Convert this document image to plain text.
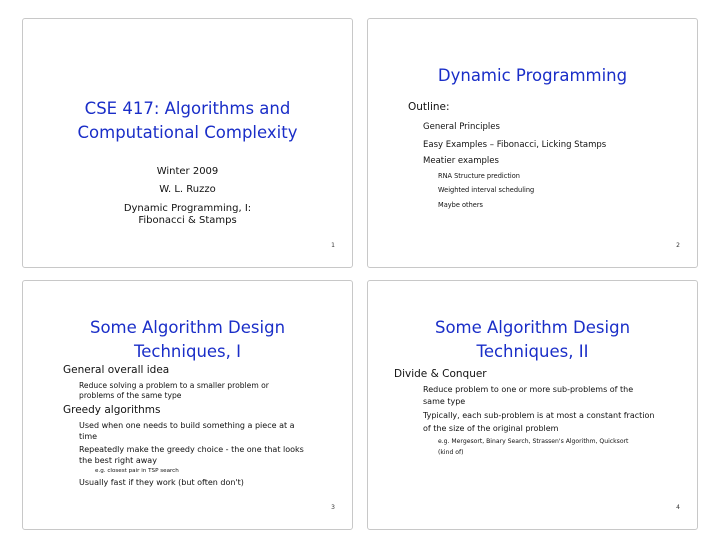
CSE 417: Algorithms and
Computational Complexity
Winter 2009
W. L. Ruzzo
Dynamic Programming, I:
Fibonacci & Stamps
1
Dynamic Programming
Outline:
General Principles
Easy Examples – Fibonacci, Licking Stamps
Meatier examples
RNA Structure prediction
Weighted interval scheduling
Maybe others
2
Some Algorithm Design
Techniques, I
General overall idea
Reduce solving a problem to a smaller problem or
problems of the same type
Greedy algorithms
Used when one needs to build something a piece at a
time
Repeatedly make the greedy choice - the one that looks
the best right away
e.g. closest pair in TSP search
Usually fast if they work (but often don't)
3
Some Algorithm Design
Techniques, II
Divide & Conquer
Reduce problem to one or more sub-problems of the
same type
Typically, each sub-problem is at most a constant fraction
of the size of the original problem
e.g. Mergesort, Binary Search, Strassen's Algorithm, Quicksort
(kind of)
4
